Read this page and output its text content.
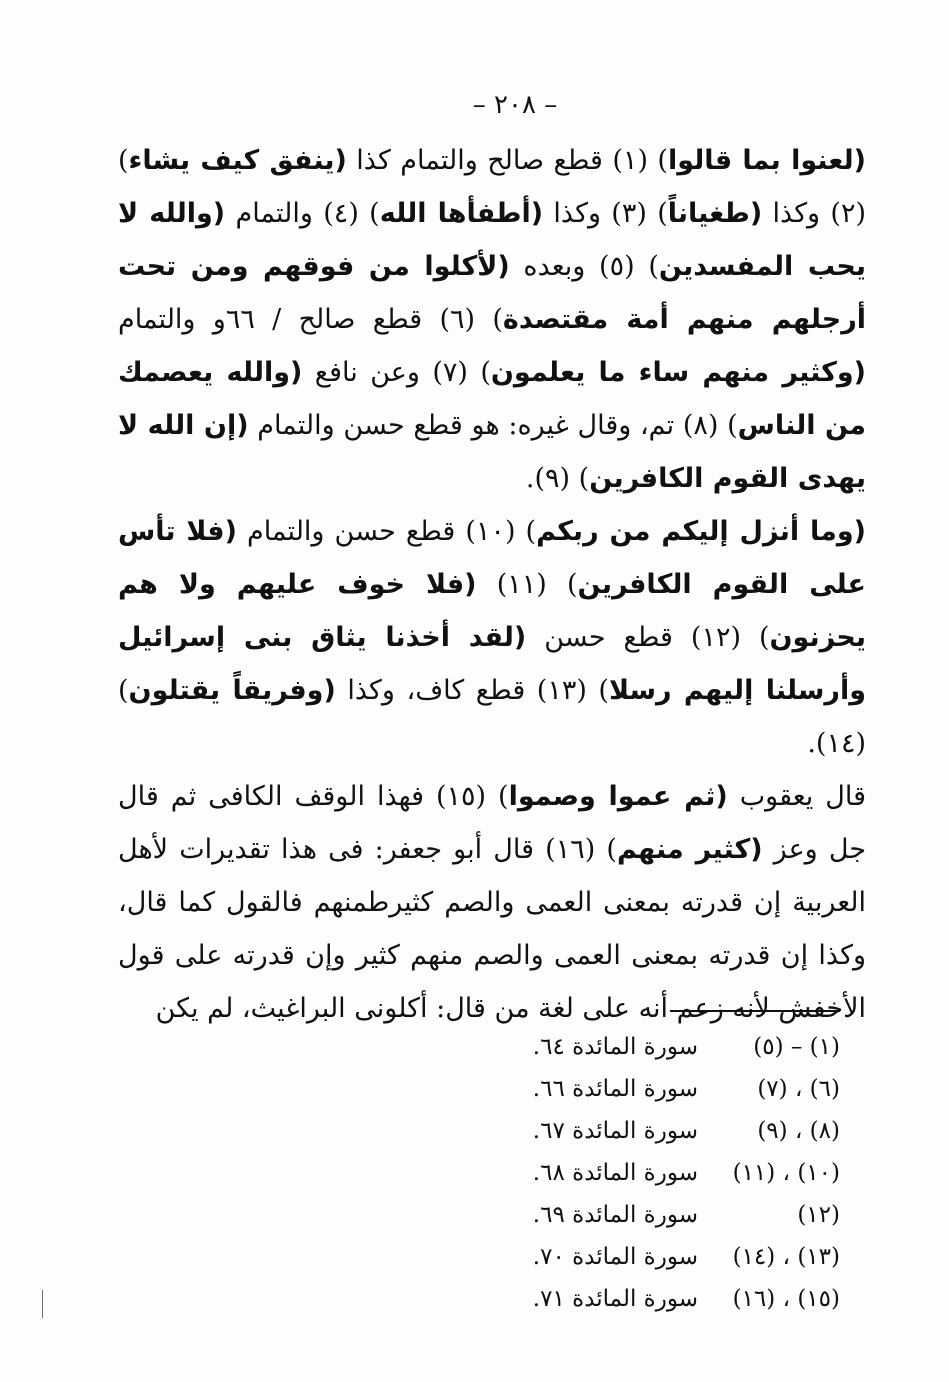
– ٢٠٨ –

(لعنوا بما قالوا) (١) قطع صالح والتمام كذا (ينفق كيف يشاء) (٢) وكذا (طغياناً) (٣) وكذا (أطفأها الله) (٤) والتمام (والله لا يحب المفسدين) (٥) وبعده (لأكلوا من فوقهم ومن تحت أرجلهم منهم أمة مقتصدة) (٦) قطع صالح / ٦٦و والتمام (وكثير منهم ساء ما يعلمون) (٧) وعن نافع (والله يعصمك من الناس) (٨) تم، وقال غيره: هو قطع حسن والتمام (إن الله لا يهدى القوم الكافرين) (٩).

(وما أنزل إليكم من ربكم) (١٠) قطع حسن والتمام (فلا تأس على القوم الكافرين) (١١) (فلا خوف عليهم ولا هم يحزنون) (١٢) قطع حسن (لقد أخذنا يثاق بنى إسرائيل وأرسلنا إليهم رسلا) (١٣) قطع كاف، وكذا (وفريقاً يقتلون) (١٤).

قال يعقوب (ثم عموا وصموا) (١٥) فهذا الوقف الكافى ثم قال جل وعز (كثير منهم) (١٦) قال أبو جعفر: فى هذا تقديرات لأهل العربية إن قدرته بمعنى العمى والصم كثيرطمنهم فالقول كما قال، وكذا إن قدرته بمعنى العمى والصم منهم كثير وإن قدرته على قول الأخفش لأنه زعم أنه على لغة من قال: أكلونى البراغيث، لم يكن

(١) – (٥)
سورة المائدة ٦٤.
(٦) ، (٧)
سورة المائدة ٦٦.
(٨) ، (٩)
سورة المائدة ٦٧.
(١٠) ، (١١)
سورة المائدة ٦٨.
(١٢)
سورة المائدة ٦٩.
(١٣) ، (١٤)
سورة المائدة ٧٠.
(١٥) ، (١٦)
سورة المائدة ٧١.
